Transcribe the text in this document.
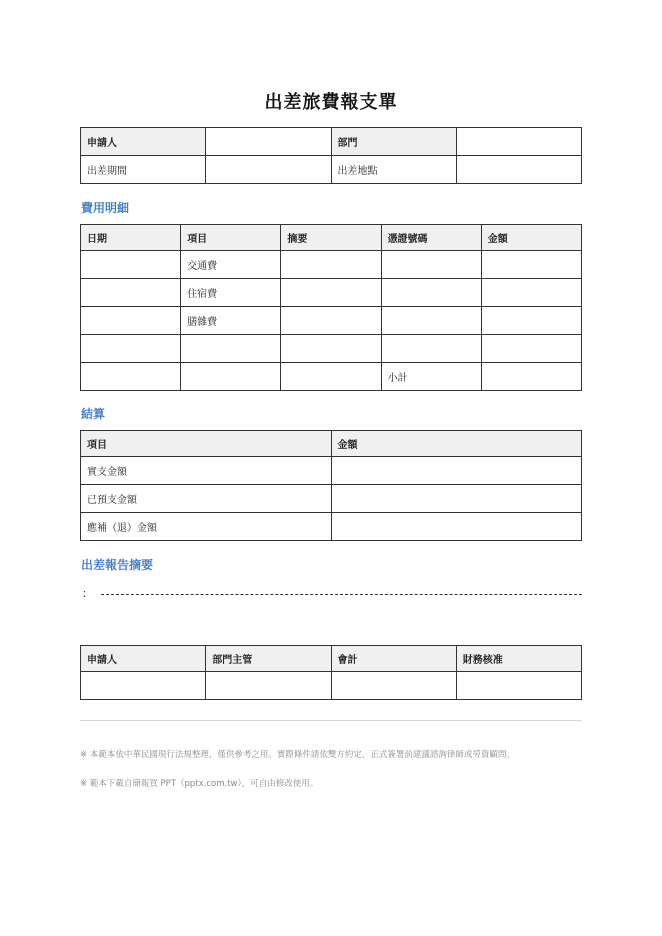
出差旅費報支單
申請人		部門	
出差期間		出差地點	
費用明細
日期	項目	摘要	憑證號碼	金額
	交通費			
	住宿費			
	膳雜費			

			小計	
結算
項目	金額
實支金額	
已預支金額	
應補（退）金額	
出差報告摘要
：
申請人	部門主管	會計	財務核准

※ 本範本依中華民國現行法規整理，僅供參考之用。實際條件請依雙方約定，正式簽署前建議諮詢律師或勞資顧問。
※ 範本下載自簡報買 PPT（pptx.com.tw），可自由修改使用。
